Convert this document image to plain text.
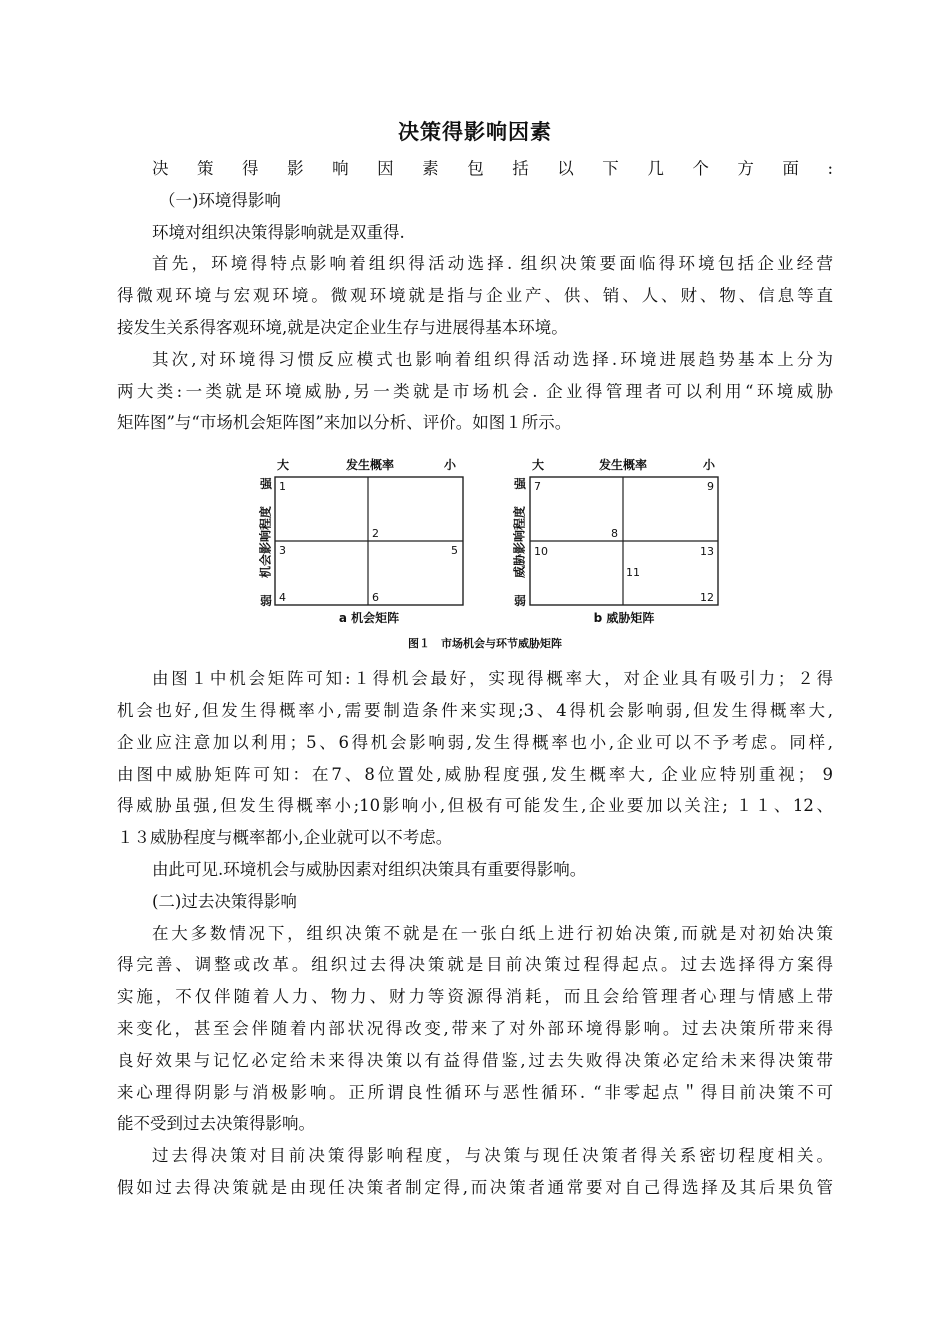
决策得影响因素
决策得影响因素包括以下几个方面:
（一)环境得影响
环境对组织决策得影响就是双重得.
首先，环境得特点影响着组织得活动选择. 组织决策要面临得环境包括企业经营
得微观环境与宏观环境。微观环境就是指与企业产、供、销、人、财、物、信息等直
接发生关系得客观环境,就是决定企业生存与进展得基本环境。
其次,对环境得习惯反应模式也影响着组织得活动选择.环境进展趋势基本上分为
两大类:一类就是环境威胁,另一类就是市场机会. 企业得管理者可以利用“环境威胁
矩阵图”与“市场机会矩阵图”来加以分析、评价。如图１所示。
由图１中机会矩阵可知:１得机会最好，实现得概率大，对企业具有吸引力；２得
机会也好,但发生得概率小,需要制造条件来实现;3、4得机会影响弱,但发生得概率大,
企业应注意加以利用；5、6得机会影响弱,发生得概率也小,企业可以不予考虑。同样,
由图中威胁矩阵可知：在7、8位置处,威胁程度强,发生概率大, 企业应特别重视； 9
得威胁虽强,但发生得概率小;10影响小,但极有可能发生,企业要加以关注; １１、12、
１３威胁程度与概率都小,企业就可以不考虑。
由此可见.环境机会与威胁因素对组织决策具有重要得影响。
(二)过去决策得影响
在大多数情况下，组织决策不就是在一张白纸上进行初始决策,而就是对初始决策
得完善、调整或改革。组织过去得决策就是目前决策过程得起点。过去选择得方案得
实施，不仅伴随着人力、物力、财力等资源得消耗，而且会给管理者心理与情感上带
来变化，甚至会伴随着内部状况得改变,带来了对外部环境得影响。过去决策所带来得
良好效果与记忆必定给未来得决策以有益得借鉴,过去失败得决策必定给未来得决策带
来心理得阴影与消极影响。正所谓良性循环与恶性循环. “非零起点＂得目前决策不可
能不受到过去决策得影响。
过去得决策对目前决策得影响程度，与决策与现任决策者得关系密切程度相关。
假如过去得决策就是由现任决策者制定得,而决策者通常要对自己得选择及其后果负管
大	发生概率	小
强
机会影响程度
弱
1
2
3	5
4	6
a 机会矩阵
大	发生概率	小
强
威胁影响程度
弱
7	9
8
10	13
11
12
b 威胁矩阵
图１　市场机会与环节威胁矩阵
